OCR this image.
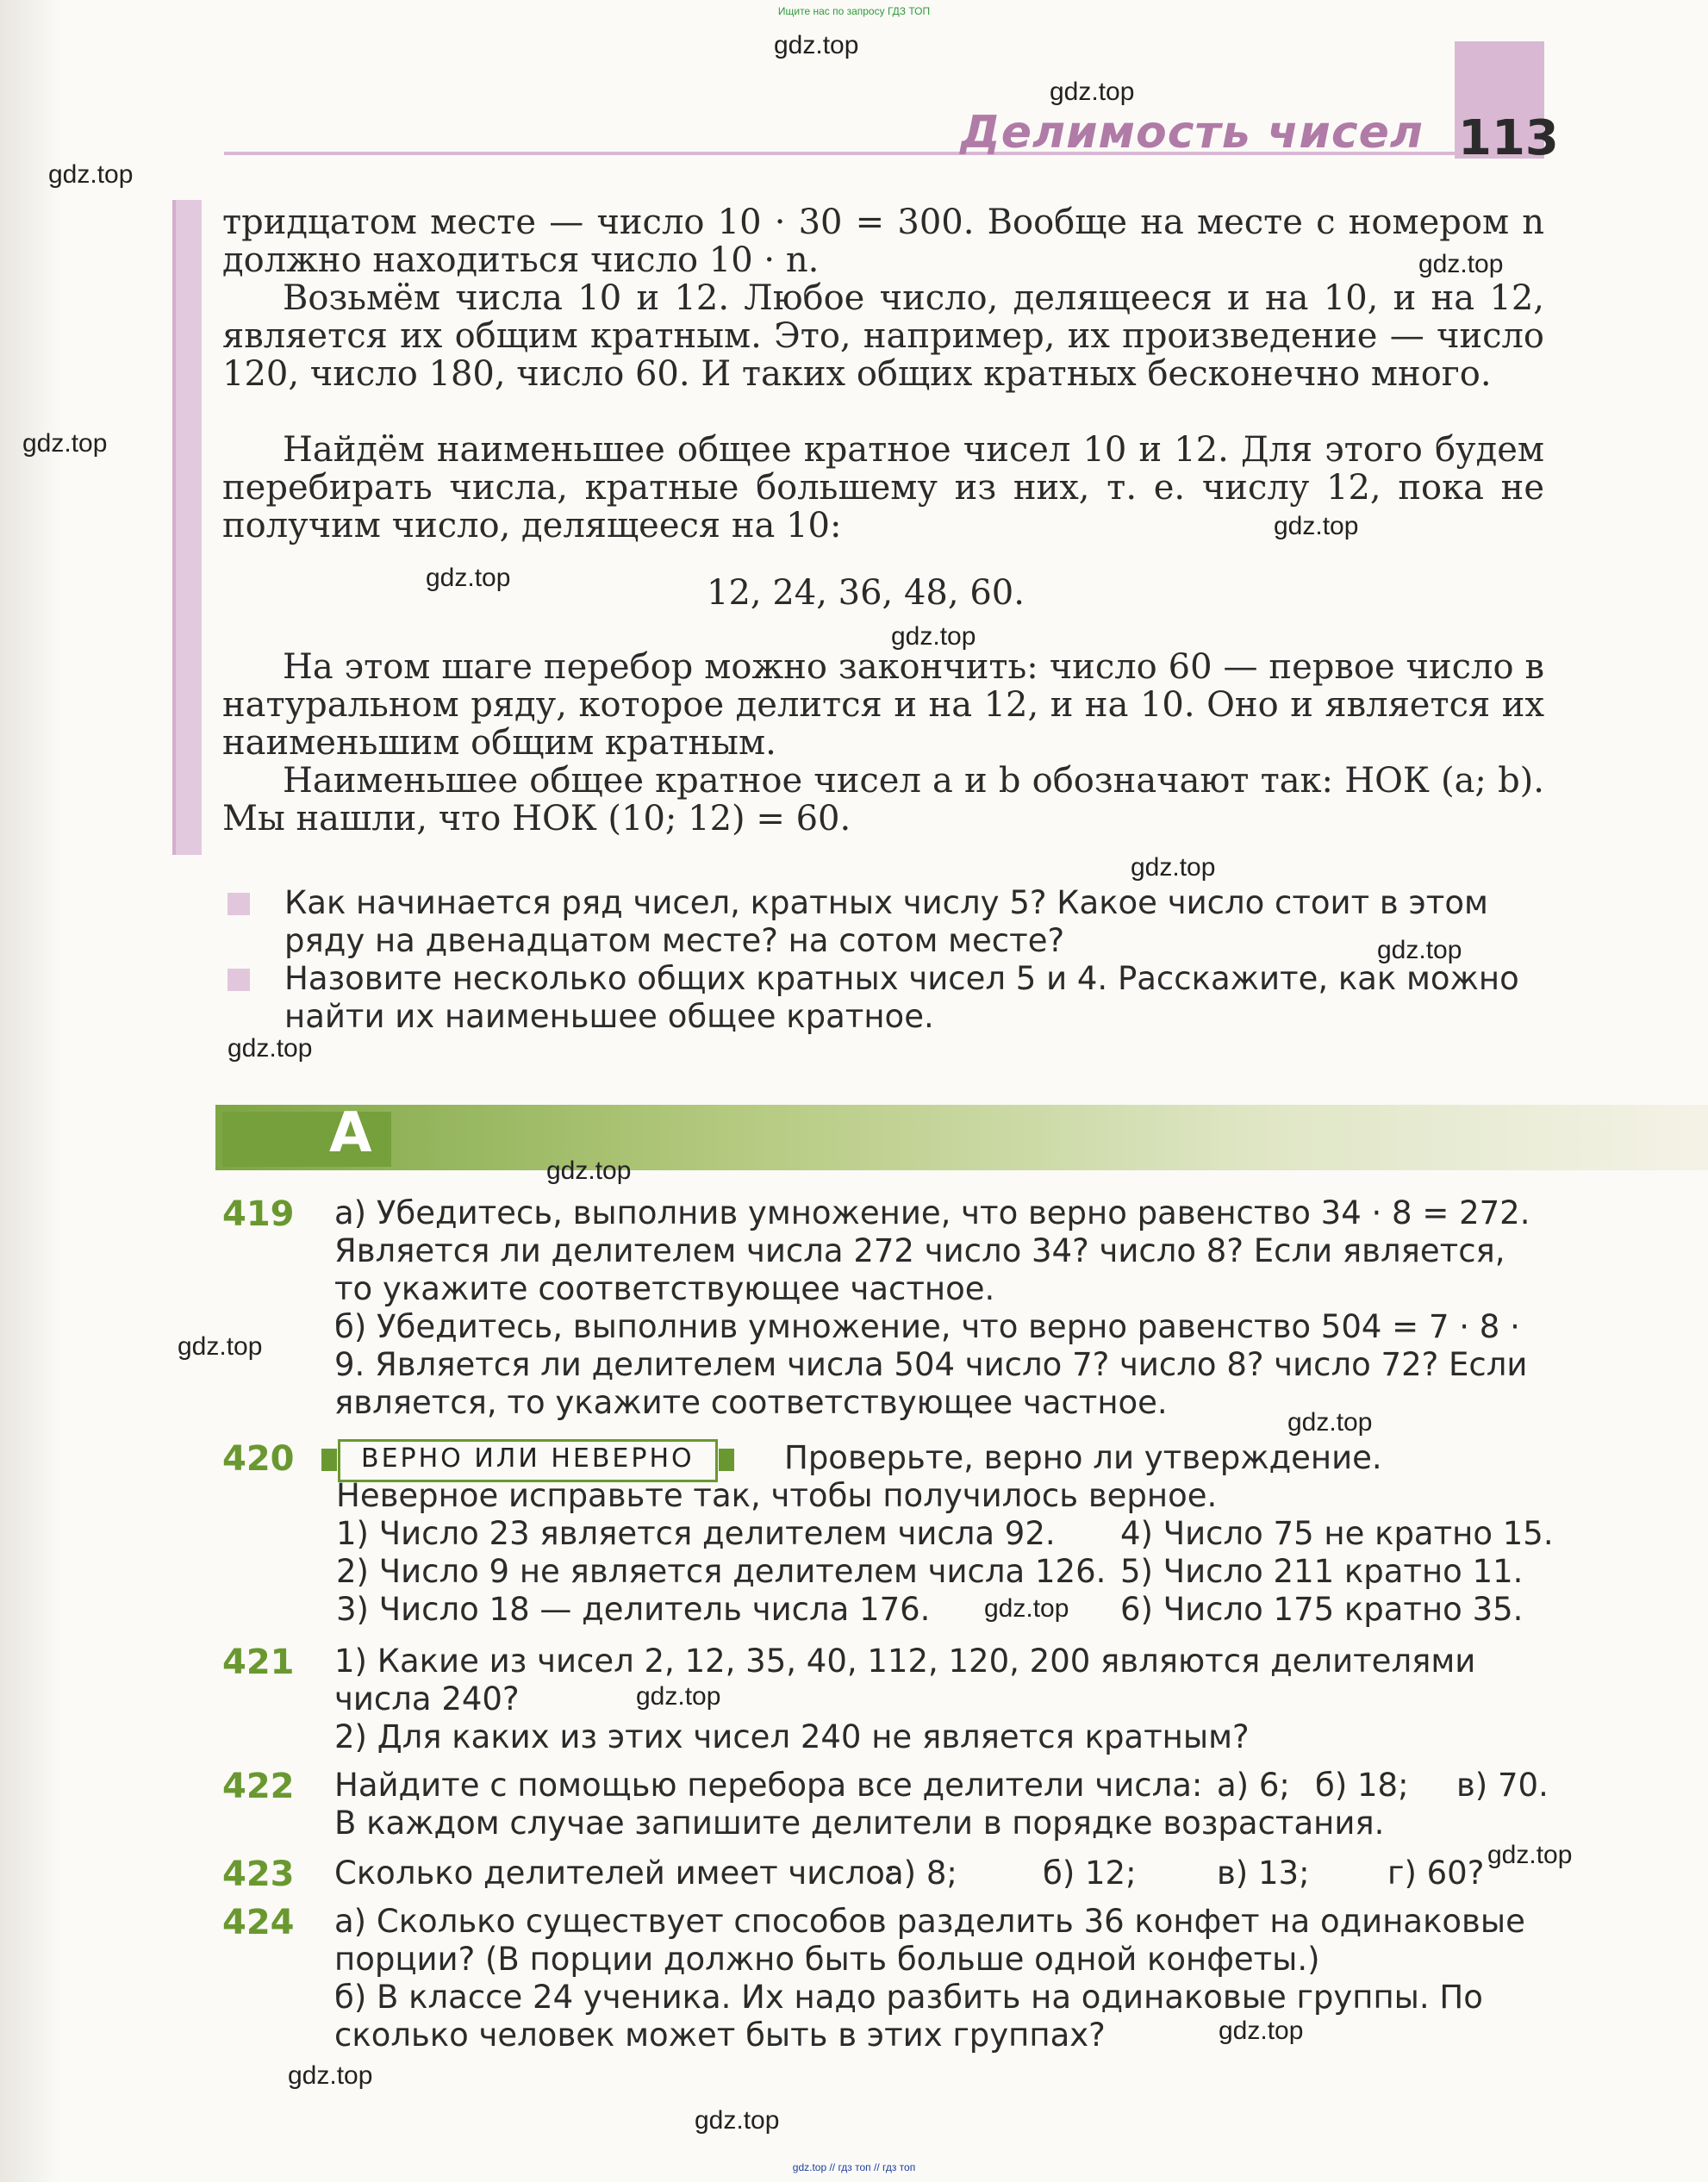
Ищите нас по запросу ГДЗ ТОП
Делимость чисел 113
тридцатом месте — число 10 · 30 = 300. Вообще на месте с номером n должно находиться число 10 · n.
Возьмём числа 10 и 12. Любое число, делящееся и на 10, и на 12, является их общим кратным. Это, например, их произведение — число 120, число 180, число 60. И таких общих кратных бесконечно много.
Найдём наименьшее общее кратное чисел 10 и 12. Для этого будем перебирать числа, кратные большему из них, т. е. числу 12, пока не получим число, делящееся на 10:
12, 24, 36, 48, 60.
На этом шаге перебор можно закончить: число 60 — первое число в натуральном ряду, которое делится и на 12, и на 10. Оно и является их наименьшим общим кратным.
Наименьшее общее кратное чисел a и b обозначают так: НОК (a; b). Мы нашли, что НОК (10; 12) = 60.
Как начинается ряд чисел, кратных числу 5? Какое число стоит в этом ряду на двенадцатом месте? на сотом месте?
Назовите несколько общих кратных чисел 5 и 4. Расскажите, как можно найти их наименьшее общее кратное.
А
419 а) Убедитесь, выполнив умножение, что верно равенство 34 · 8 = 272. Является ли делителем числа 272 число 34? число 8? Если является, то укажите соответствующее частное.
б) Убедитесь, выполнив умножение, что верно равенство 504 = 7 · 8 · 9. Является ли делителем числа 504 число 7? число 8? число 72? Если является, то укажите соответствующее частное.
420	ВЕРНО ИЛИ НЕВЕРНО	Проверьте, верно ли утверждение. Неверное исправьте так, чтобы получилось верное.
1) Число 23 является делителем числа 92.
2) Число 9 не является делителем числа 126.
3) Число 18 — делитель числа 176.
4) Число 75 не кратно 15.
5) Число 211 кратно 11.
6) Число 175 кратно 35.
421 1) Какие из чисел 2, 12, 35, 40, 112, 120, 200 являются делителями числа 240?
2) Для каких из этих чисел 240 не является кратным?
422 Найдите с помощью перебора все делители числа: а) 6; б) 18; в) 70.
В каждом случае запишите делители в порядке возрастания.
423 Сколько делителей имеет число:
а) 8;	б) 12;	в) 13; г) 60?
424 а) Сколько существует способов разделить 36 конфет на одинаковые порции? (В порции должно быть больше одной конфеты.)
б) В классе 24 ученика. Их надо разбить на одинаковые группы. По сколько человек может быть в этих группах?
gdz.top
gdz.top
gdz.top
gdz.top
gdz.top
gdz.top
gdz.top
gdz.top
gdz.top
gdz.top
gdz.top
gdz.top
gdz.top
gdz.top
gdz.top
gdz.top
gdz.top
gdz.top
gdz.top
gdz.top
gdz.top // гдз топ // гдз топ
